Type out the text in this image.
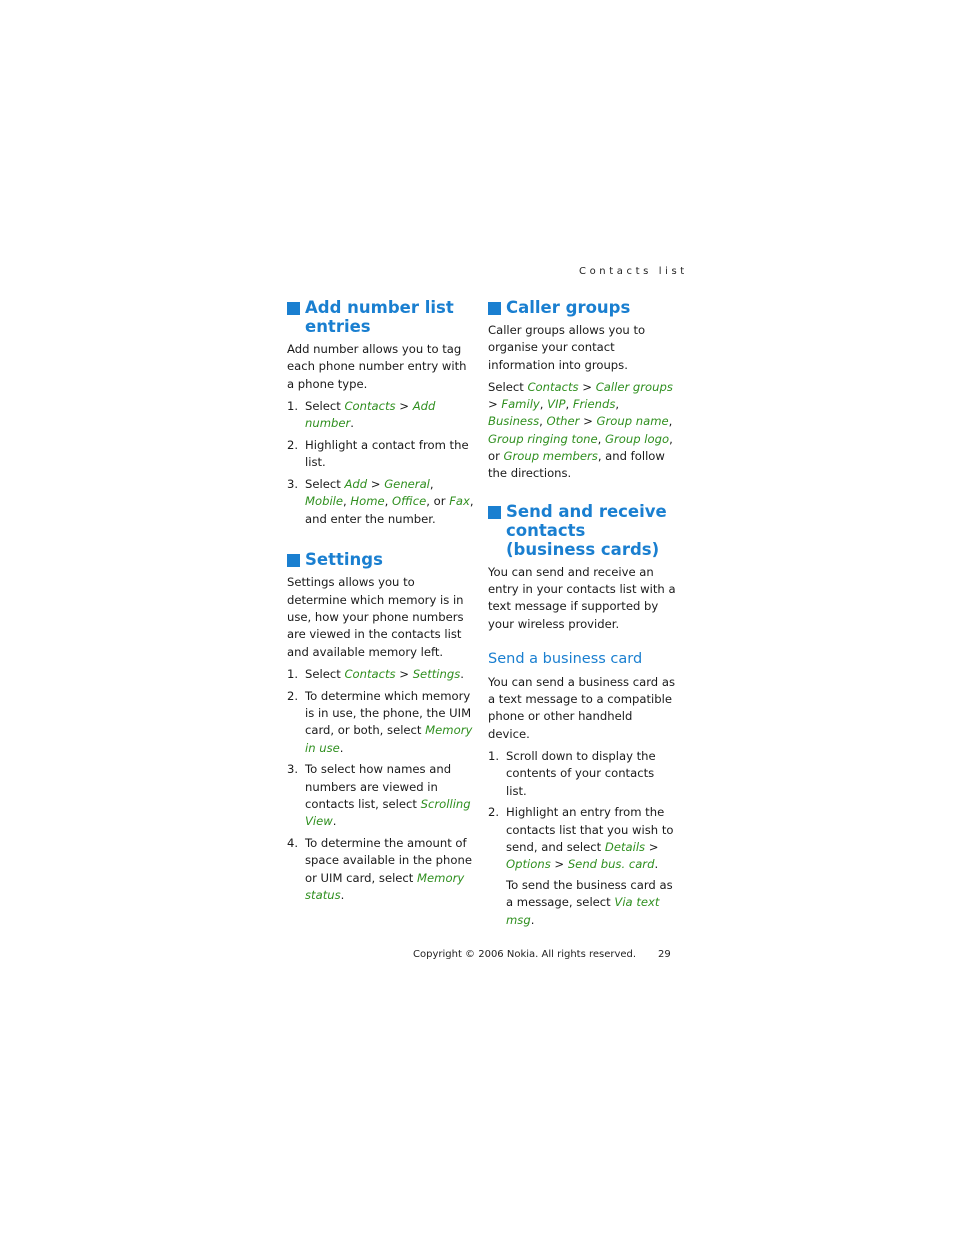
Contacts list
Add number list entries

Add number allows you to tag each phone number entry with a phone type.

1. Select Contacts > Add number.
2. Highlight a contact from the list.
3. Select Add > General, Mobile, Home, Office, or Fax, and enter the number.
Settings

Settings allows you to determine which memory is in use, how your phone numbers are viewed in the contacts list and available memory left.

1. Select Contacts > Settings.
2. To determine which memory is in use, the phone, the UIM card, or both, select Memory in use.
3. To select how names and numbers are viewed in contacts list, select Scrolling View.
4. To determine the amount of space available in the phone or UIM card, select Memory status.
Caller groups

Caller groups allows you to organise your contact information into groups.

Select Contacts > Caller groups > Family, VIP, Friends, Business, Other > Group name, Group ringing tone, Group logo, or Group members, and follow the directions.

Send and receive contacts (business cards)

You can send and receive an entry in your contacts list with a text message if supported by your wireless provider.

Send a business card

You can send a business card as a text message to a compatible phone or other handheld device.

1. Scroll down to display the contents of your contacts list.
2. Highlight an entry from the contacts list that you wish to send, and select Details > Options > Send bus. card.

To send the business card as a message, select Via text msg.

Copyright © 2006 Nokia. All rights reserved. 29
